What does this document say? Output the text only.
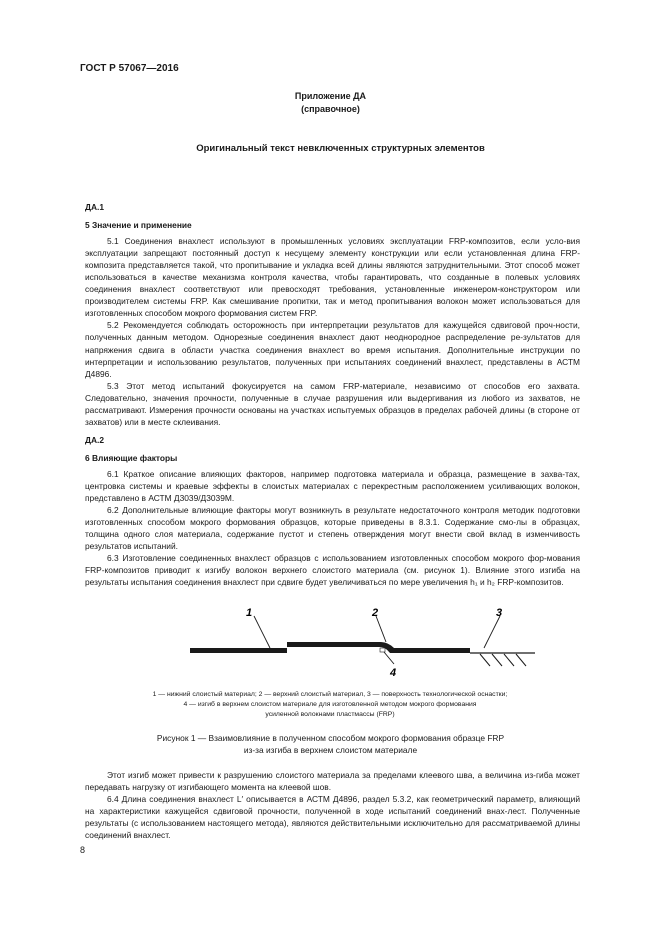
ГОСТ Р 57067—2016
Приложение ДА
(справочное)
Оригинальный текст невключенных структурных элементов

ДА.1

5 Значение и применение

5.1 Соединения внахлест используют в промышленных условиях эксплуатации FRP-композитов, если усло-вия эксплуатации запрещают постоянный доступ к несущему элементу конструкции или если установленная длина FRP-композита представляется такой, что пропитывание и укладка всей длины являются затруднительными. Этот способ может использоваться в качестве механизма контроля качества, чтобы гарантировать, что созданные в полевых условиях соединения внахлест соответствуют или превосходят требования, установленные инженером-конструктором или производителем системы FRP. Как смешивание пропитки, так и метод пропитывания волокон может использоваться для изготовленных способом мокрого формования систем FRP.

5.2 Рекомендуется соблюдать осторожность при интерпретации результатов для кажущейся сдвиговой проч-ности, полученных данным методом. Однорезные соединения внахлест дают неоднородное распределение ре-зультатов для напряжения сдвига в области участка соединения внахлест во время испытания. Дополнительные инструкции по интерпретации и использованию результатов, полученных при испытаниях соединений внахлест, представлены в АСТМ Д4896.

5.3 Этот метод испытаний фокусируется на самом FRP-материале, независимо от способов его захвата. Следовательно, значения прочности, полученные в случае разрушения или выдергивания из любого из захватов, не рассматривают. Измерения прочности основаны на участках испытуемых образцов в пределах рабочей длины (в стороне от захватов) или в месте склеивания.

ДА.2

6 Влияющие факторы

6.1 Краткое описание влияющих факторов, например подготовка материала и образца, размещение в захва-тах, центровка системы и краевые эффекты в слоистых материалах с перекрестным расположением усиливающих волокон, представлено в АСТМ Д3039/Д3039М.

6.2 Дополнительные влияющие факторы могут возникнуть в результате недостаточного контроля методик подготовки изготовленных способом мокрого формования образцов, которые приведены в 8.3.1. Содержание смо-лы в образцах, толщина одного слоя материала, содержание пустот и степень отверждения могут внести свой вклад в изменчивость результатов испытаний.

6.3 Изготовление соединенных внахлест образцов с использованием изготовленных способом мокрого фор-мования FRP-композитов приводит к изгибу волокон верхнего слоистого материала (см. рисунок 1). Влияние этого изгиба на результаты испытания соединения внахлест при сдвиге будет увеличиваться по мере увеличения h₁ и h₂ FRP-композитов.

1	2	3
4
1 — нижний слоистый материал; 2 — верхний слоистый материал, 3 — поверхность технологической оснастки;
4 — изгиб в верхнем слоистом материале для изготовленной методом мокрого формования
усиленной волокнами пластмассы (FRP)
Рисунок 1 — Взаимовлияние в полученном способом мокрого формования образце FRP
из-за изгиба в верхнем слоистом материале

Этот изгиб может привести к разрушению слоистого материала за пределами клеевого шва, а величина из-гиба может передавать нагрузку от изгибающего момента на клеевой шов.

6.4 Длина соединения внахлест L′ описывается в АСТМ Д4896, раздел 5.3.2, как геометрический параметр, влияющий на характеристики кажущейся сдвиговой прочности, полученной в ходе испытаний соединений внах-лест. Полученные результаты (с использованием настоящего метода), являются действительными исключительно для рассматриваемой длины соединений внахлест.

8
